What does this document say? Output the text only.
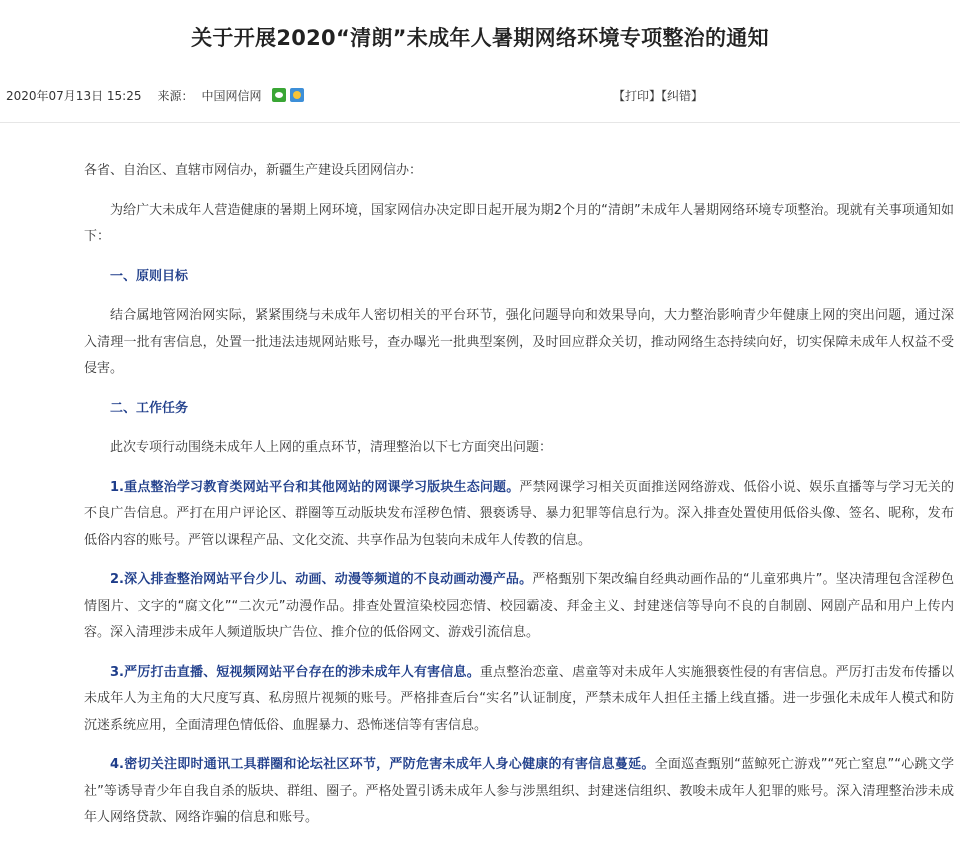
关于开展2020“清朗”未成年人暑期网络环境专项整治的通知
2020年07月13日 15:25 来源： 中国网信网	【打印】【纠错】

各省、自治区、直辖市网信办，新疆生产建设兵团网信办：

为给广大未成年人营造健康的暑期上网环境，国家网信办决定即日起开展为期2个月的“清朗”未成年人暑期网络环境专项整治。现就有关事项通知如下：

一、原则目标

结合属地管网治网实际，紧紧围绕与未成年人密切相关的平台环节，强化问题导向和效果导向，大力整治影响青少年健康上网的突出问题，通过深入清理一批有害信息，处置一批违法违规网站账号，查办曝光一批典型案例，及时回应群众关切，推动网络生态持续向好，切实保障未成年人权益不受侵害。

二、工作任务

此次专项行动围绕未成年人上网的重点环节，清理整治以下七方面突出问题：

1.重点整治学习教育类网站平台和其他网站的网课学习版块生态问题。严禁网课学习相关页面推送网络游戏、低俗小说、娱乐直播等与学习无关的不良广告信息。严打在用户评论区、群圈等互动版块发布淫秽色情、猥亵诱导、暴力犯罪等信息行为。深入排查处置使用低俗头像、签名、昵称，发布低俗内容的账号。严管以课程产品、文化交流、共享作品为包装向未成年人传教的信息。

2.深入排查整治网站平台少儿、动画、动漫等频道的不良动画动漫产品。严格甄别下架改编自经典动画作品的“儿童邪典片”。坚决清理包含淫秽色情图片、文字的“腐文化”“二次元”动漫作品。排查处置渲染校园恋情、校园霸凌、拜金主义、封建迷信等导向不良的自制剧、网剧产品和用户上传内容。深入清理涉未成年人频道版块广告位、推介位的低俗网文、游戏引流信息。

3.严厉打击直播、短视频网站平台存在的涉未成年人有害信息。重点整治恋童、虐童等对未成年人实施猥亵性侵的有害信息。严厉打击发布传播以未成年人为主角的大尺度写真、私房照片视频的账号。严格排查后台“实名”认证制度，严禁未成年人担任主播上线直播。进一步强化未成年人模式和防沉迷系统应用，全面清理色情低俗、血腥暴力、恐怖迷信等有害信息。

4.密切关注即时通讯工具群圈和论坛社区环节，严防危害未成年人身心健康的有害信息蔓延。全面巡查甄别“蓝鲸死亡游戏”“死亡窒息”“心跳文学社”等诱导青少年自我自杀的版块、群组、圈子。严格处置引诱未成年人参与涉黑组织、封建迷信组织、教唆未成年人犯罪的账号。深入清理整治涉未成年人网络贷款、网络诈骗的信息和账号。
